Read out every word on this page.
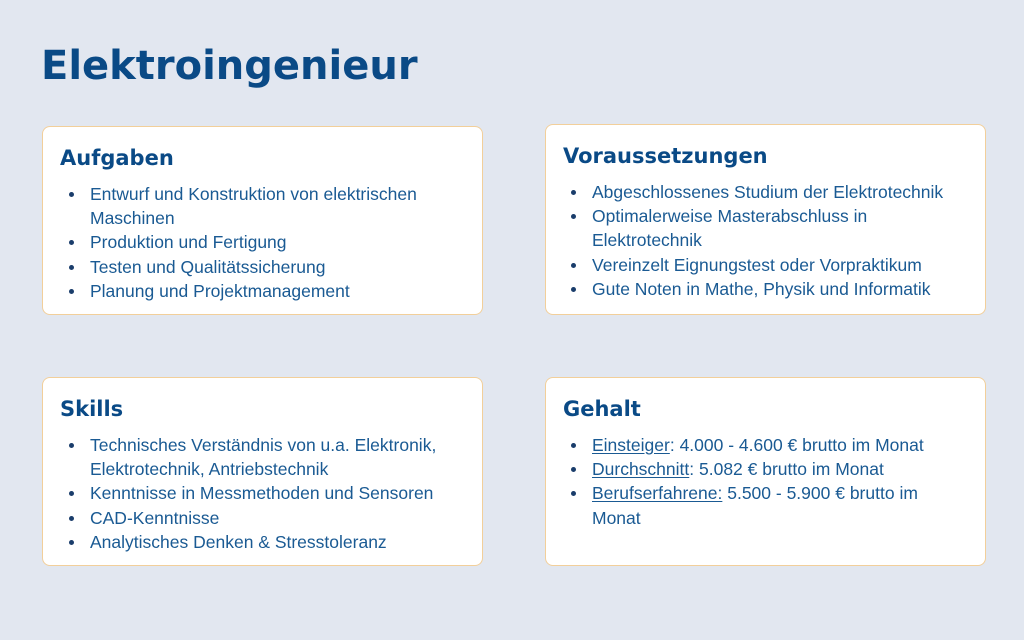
Elektroingenieur
Aufgaben
Entwurf und Konstruktion von elektrischen Maschinen
Produktion und Fertigung
Testen und Qualitätssicherung
Planung und Projektmanagement
Voraussetzungen
Abgeschlossenes Studium der Elektrotechnik
Optimalerweise Masterabschluss in Elektrotechnik
Vereinzelt Eignungstest oder Vorpraktikum
Gute Noten in Mathe, Physik und Informatik
Skills
Technisches Verständnis von u.a. Elektronik, Elektrotechnik, Antriebstechnik
Kenntnisse in Messmethoden und Sensoren
CAD-Kenntnisse
Analytisches Denken & Stresstoleranz
Gehalt
Einsteiger: 4.000 - 4.600 € brutto im Monat
Durchschnitt: 5.082 € brutto im Monat
Berufserfahrene: 5.500 - 5.900 € brutto im Monat
